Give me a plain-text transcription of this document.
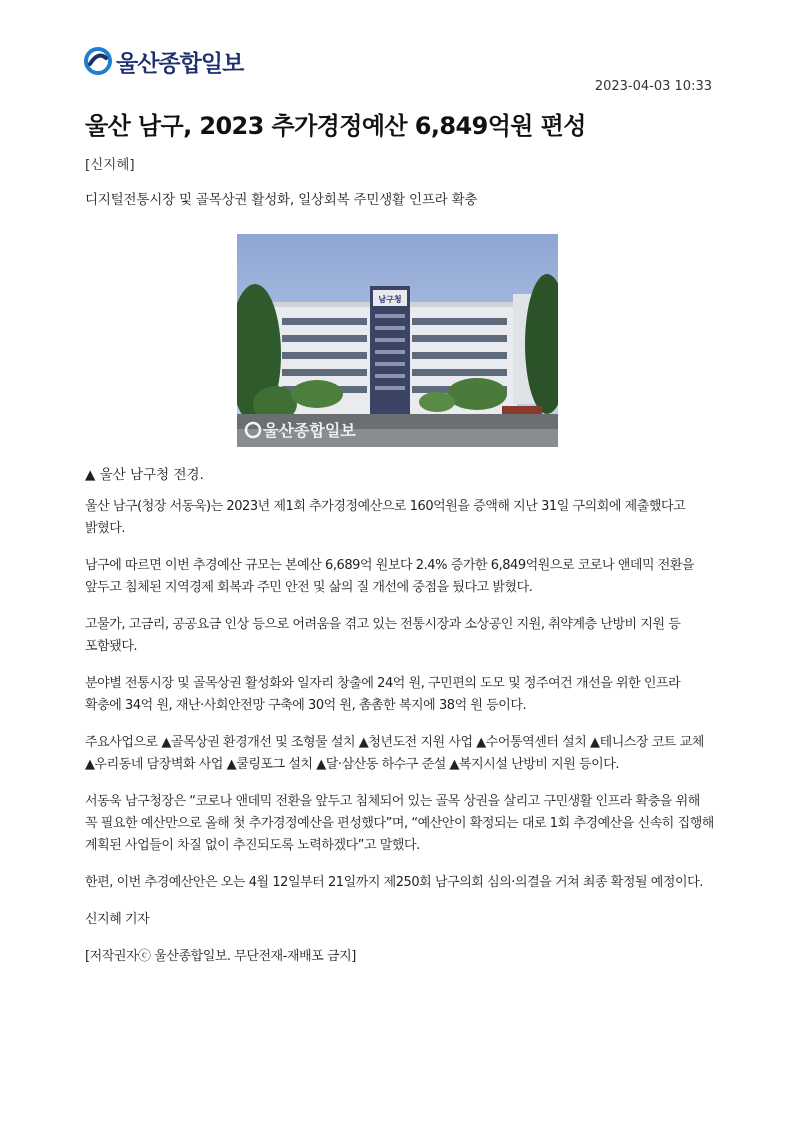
울산종합일보
2023-04-03 10:33
울산 남구, 2023 추가경정예산 6,849억원 편성
[신지혜]
디지털전통시장 및 골목상권 활성화, 일상회복 주민생활 인프라 확충
남구청
울산종합일보
▲ 울산 남구청 전경.

울산 남구(청장 서동욱)는 2023년 제1회 추가경정예산으로 160억원을 증액해 지난 31일 구의회에 제출했다고 밝혔다.

남구에 따르면 이번 추경예산 규모는 본예산 6,689억 원보다 2.4% 증가한 6,849억원으로 코로나 앤데믹 전환을 앞두고 침체된 지역경제 회복과 주민 안전 및 삶의 질 개선에 중점을 뒀다고 밝혔다.

고물가, 고금리, 공공요금 인상 등으로 어려움을 겪고 있는 전통시장과 소상공인 지원, 취약계층 난방비 지원 등 포함됐다.

분야별 전통시장 및 골목상권 활성화와 일자리 창출에 24억 원, 구민편의 도모 및 정주여건 개선을 위한 인프라 확충에 34억 원, 재난·사회안전망 구축에 30억 원, 촘촘한 복지에 38억 원 등이다.

주요사업으로 ▲골목상권 환경개선 및 조형물 설치 ▲청년도전 지원 사업 ▲수어통역센터 설치 ▲테니스장 코트 교체 ▲우리동네 담장벽화 사업 ▲쿨링포그 설치 ▲달·삼산동 하수구 준설 ▲복지시설 난방비 지원 등이다.

서동욱 남구청장은 “코로나 앤데믹 전환을 앞두고 침체되어 있는 골목 상권을 살리고 구민생활 인프라 확충을 위해 꼭 필요한 예산만으로 올해 첫 추가경정예산을 편성했다”며, “예산안이 확정되는 대로 1회 추경예산을 신속히 집행해 계획된 사업들이 차질 없이 추진되도록 노력하겠다”고 말했다.

한편, 이번 추경예산안은 오는 4월 12일부터 21일까지 제250회 남구의회 심의·의결을 거쳐 최종 확정될 예정이다.

신지혜 기자

[저작권자ⓒ 울산종합일보. 무단전재-재배포 금지]
